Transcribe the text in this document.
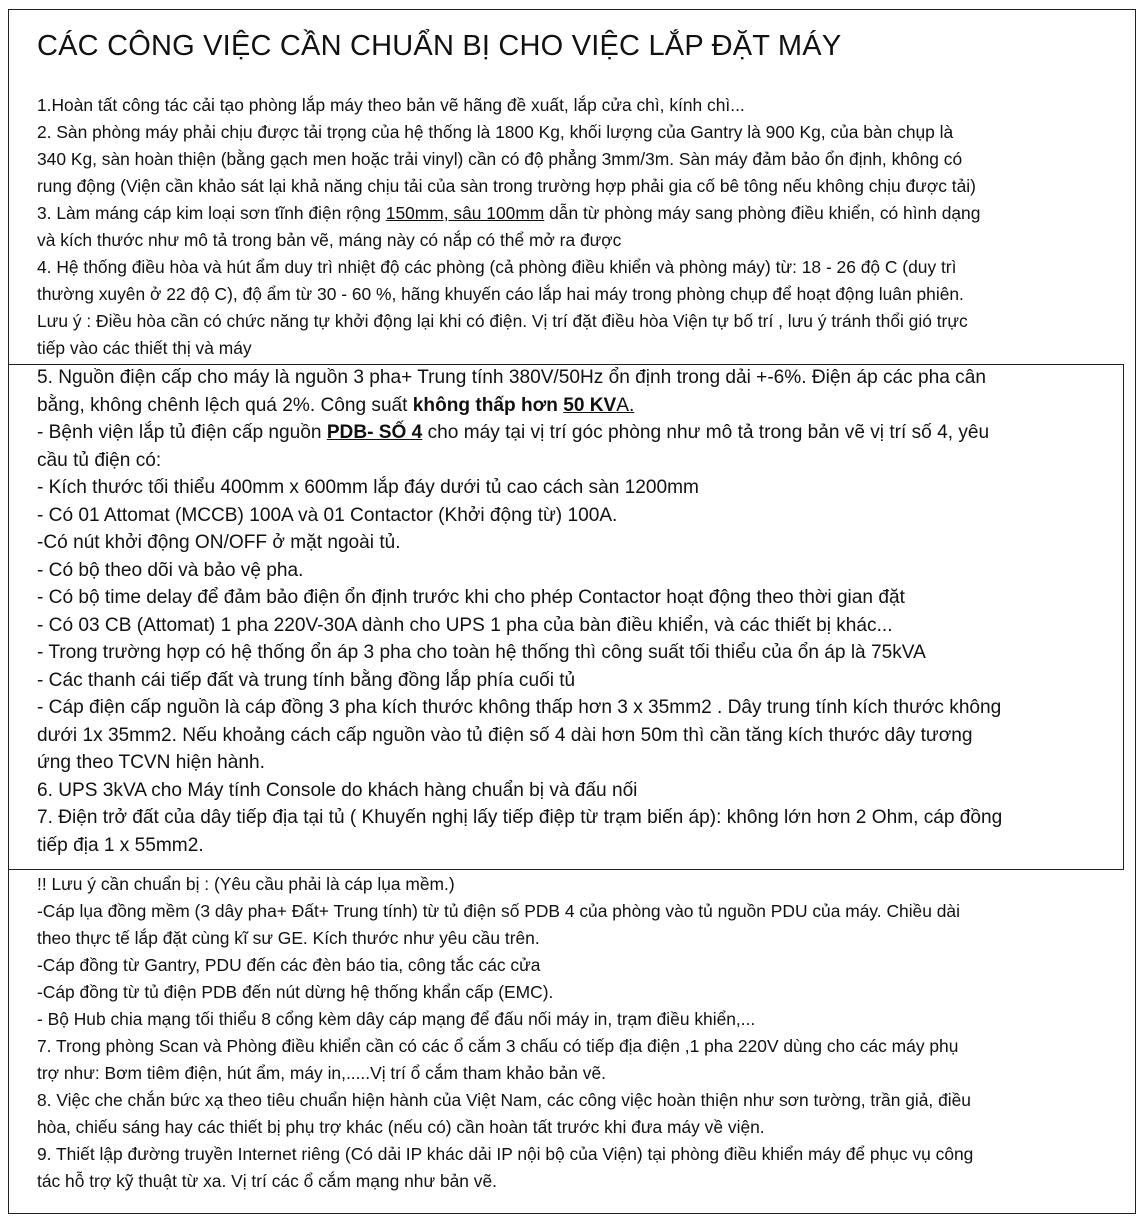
CÁC CÔNG VIỆC CẦN CHUẨN BỊ CHO VIỆC LẮP ĐẶT MÁY

1.Hoàn tất công tác cải tạo phòng lắp máy theo bản vẽ hãng đề xuất, lắp cửa chì, kính chì...

2. Sàn phòng máy phải chịu được tải trọng của hệ thống là 1800 Kg, khối lượng của Gantry là 900 Kg, của bàn chụp là

340 Kg, sàn hoàn thiện (bằng gạch men hoặc trải vinyl) cần có độ phẳng 3mm/3m. Sàn máy đảm bảo ổn định, không có

rung động (Viện cần khảo sát lại khả năng chịu tải của sàn trong trường hợp phải gia cố bê tông nếu không chịu được tải)

3. Làm máng cáp kim loại sơn tĩnh điện rộng 150mm, sâu 100mm dẫn từ phòng máy sang phòng điều khiển, có hình dạng

và kích thước như mô tả trong bản vẽ, máng này có nắp có thể mở ra được

4. Hệ thống điều hòa và hút ẩm duy trì nhiệt độ các phòng (cả phòng điều khiển và phòng máy) từ: 18 - 26 độ C (duy trì

thường xuyên ở 22 độ C), độ ẩm từ 30 - 60 %, hãng khuyến cáo lắp hai máy trong phòng chụp để hoạt động luân phiên.

Lưu ý : Điều hòa cần có chức năng tự khởi động lại khi có điện. Vị trí đặt điều hòa Viện tự bố trí , lưu ý tránh thổi gió trực

tiếp vào các thiết thị và máy

5. Nguồn điện cấp cho máy là nguồn 3 pha+ Trung tính 380V/50Hz ổn định trong dải +-6%. Điện áp các pha cân

bằng, không chênh lệch quá 2%. Công suất không thấp hơn 50 KVA.

- Bệnh viện lắp tủ điện cấp nguồn PDB- SỐ 4 cho máy tại vị trí góc phòng như mô tả trong bản vẽ vị trí số 4, yêu

cầu tủ điện có:

- Kích thước tối thiểu 400mm x 600mm lắp đáy dưới tủ cao cách sàn 1200mm

- Có 01 Attomat (MCCB) 100A và 01 Contactor (Khởi động từ) 100A.

-Có nút khởi động ON/OFF ở mặt ngoài tủ.

- Có bộ theo dõi và bảo vệ pha.

- Có bộ time delay để đảm bảo điện ổn định trước khi cho phép Contactor hoạt động theo thời gian đặt

- Có 03 CB (Attomat) 1 pha 220V-30A dành cho UPS 1 pha của bàn điều khiển, và các thiết bị khác...

- Trong trường hợp có hệ thống ổn áp 3 pha cho toàn hệ thống thì công suất tối thiểu của ổn áp là 75kVA

- Các thanh cái tiếp đất và trung tính bằng đồng lắp phía cuối tủ

- Cáp điện cấp nguồn là cáp đồng 3 pha kích thước không thấp hơn 3 x 35mm2 . Dây trung tính kích thước không

dưới 1x 35mm2. Nếu khoảng cách cấp nguồn vào tủ điện số 4 dài hơn 50m thì cần tăng kích thước dây tương

ứng theo TCVN hiện hành.

6. UPS 3kVA cho Máy tính Console do khách hàng chuẩn bị và đấu nối

7. Điện trở đất của dây tiếp địa tại tủ ( Khuyến nghị lấy tiếp điệp từ trạm biến áp): không lớn hơn 2 Ohm, cáp đồng

tiếp địa 1 x 55mm2.

!! Lưu ý cần chuẩn bị : (Yêu cầu phải là cáp lụa mềm.)

-Cáp lụa đồng mềm (3 dây pha+ Đất+ Trung tính) từ tủ điện số PDB 4 của phòng vào tủ nguồn PDU của máy. Chiều dài

theo thực tế lắp đặt cùng kĩ sư GE. Kích thước như yêu cầu trên.

-Cáp đồng từ Gantry, PDU đến các đèn báo tia, công tắc các cửa

-Cáp đồng từ tủ điện PDB đến nút dừng hệ thống khẩn cấp (EMC).

- Bộ Hub chia mạng tối thiểu 8 cổng kèm dây cáp mạng để đấu nối máy in, trạm điều khiển,...

7. Trong phòng Scan và Phòng điều khiển cần có các ổ cắm 3 chấu có tiếp địa điện ,1 pha 220V dùng cho các máy phụ

trợ như: Bơm tiêm điện, hút ẩm, máy in,.....Vị trí ổ cắm tham khảo bản vẽ.

8. Việc che chắn bức xạ theo tiêu chuẩn hiện hành của Việt Nam, các công việc hoàn thiện như sơn tường, trần giả, điều

hòa, chiếu sáng hay các thiết bị phụ trợ khác (nếu có) cần hoàn tất trước khi đưa máy về viện.

9. Thiết lập đường truyền Internet riêng (Có dải IP khác dải IP nội bộ của Viện) tại phòng điều khiển máy để phục vụ công

tác hỗ trợ kỹ thuật từ xa. Vị trí các ổ cắm mạng như bản vẽ.
